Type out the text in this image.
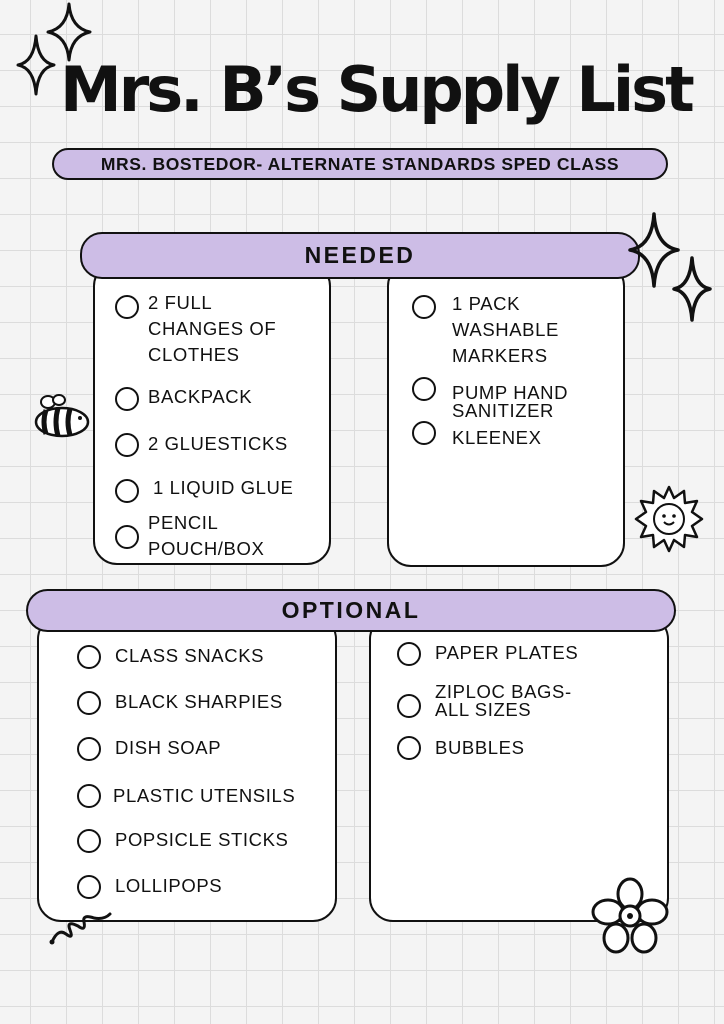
Mrs. B’s Supply List
MRS. BOSTEDOR- ALTERNATE STANDARDS SPED CLASS
NEEDED
2 FULL
CHANGES OF
CLOTHES
BACKPACK
2 GLUESTICKS
1 LIQUID GLUE
PENCIL
POUCH/BOX
1 PACK
WASHABLE
MARKERS
PUMP HAND
SANITIZER
KLEENEX
OPTIONAL
CLASS SNACKS
BLACK SHARPIES
DISH SOAP
PLASTIC UTENSILS
POPSICLE STICKS
LOLLIPOPS
PAPER PLATES
ZIPLOC BAGS-
ALL SIZES
BUBBLES
